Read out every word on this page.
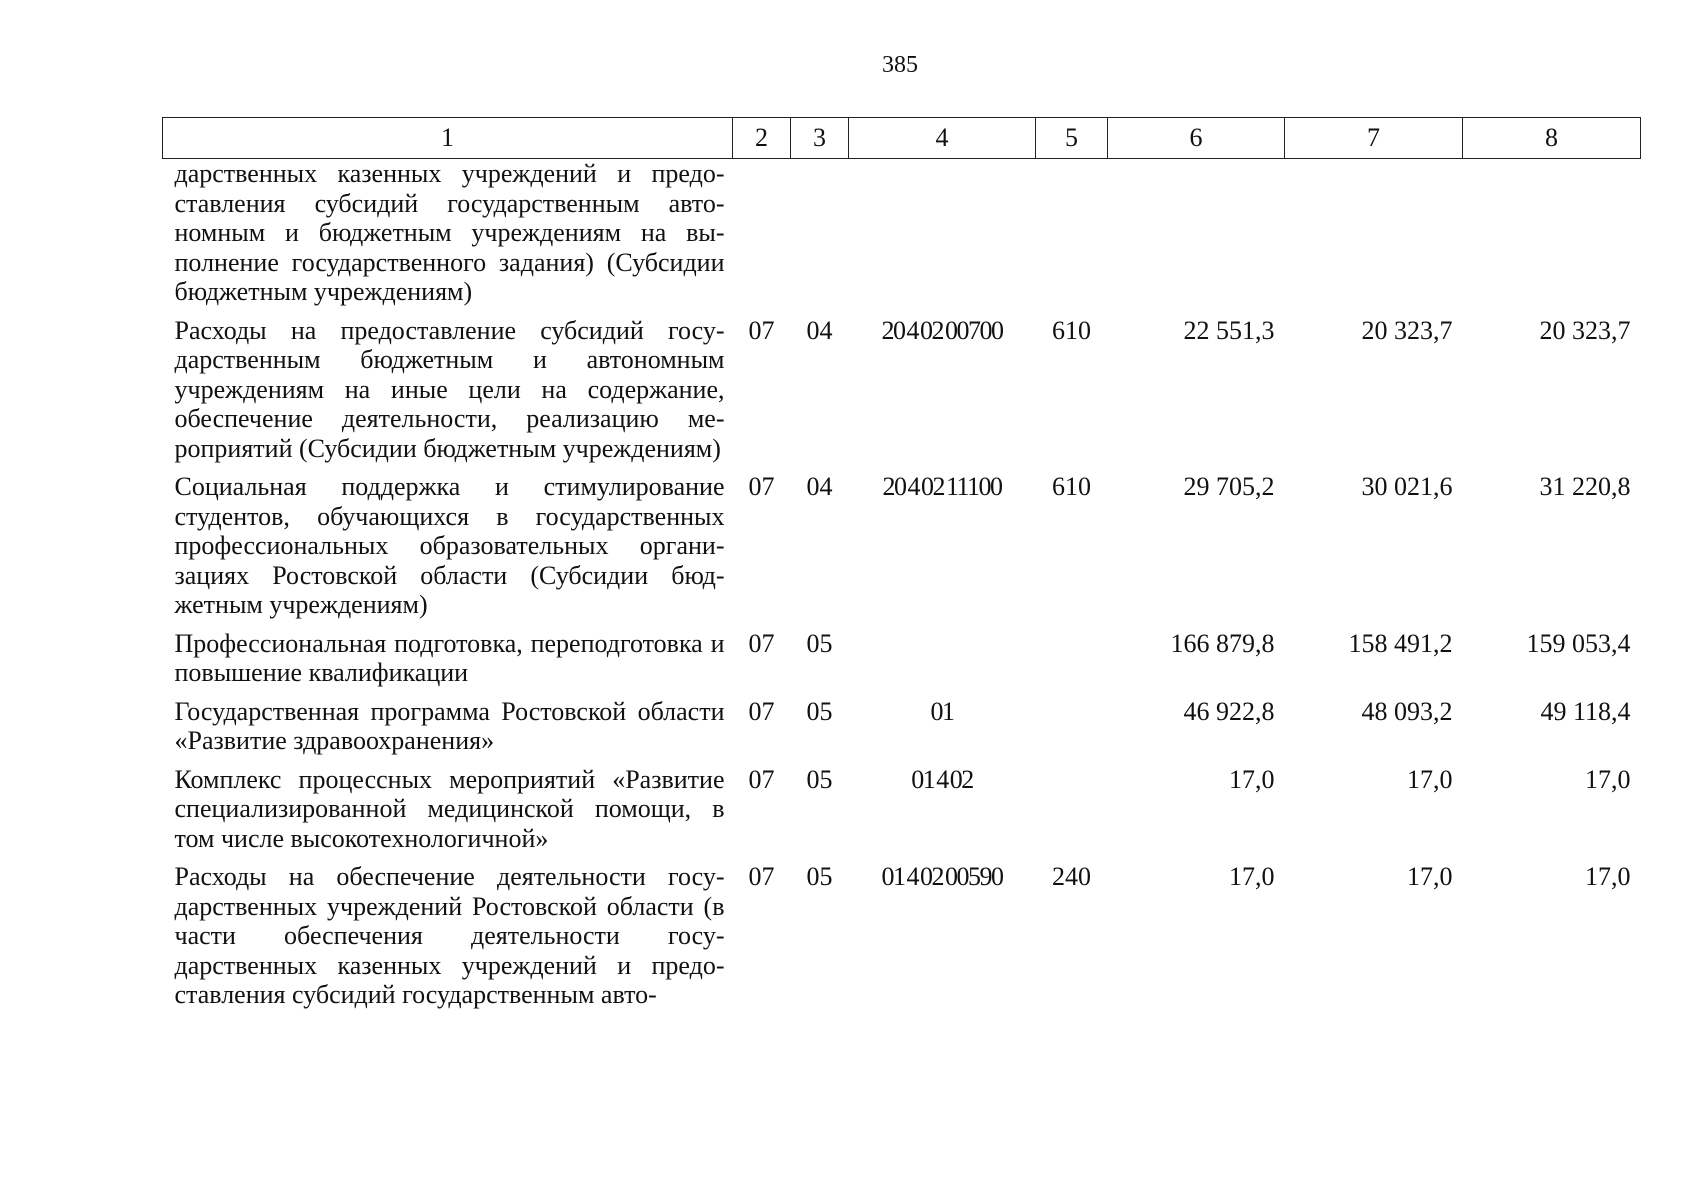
385
1	2	3	4	5	6	7	8
дарственных казенных учреждений и предоставления субсидий государственным автономным и бюджетным учреждениям на выполнение государственного задания) (Субсидии бюджетным учреждениям)							
Расходы на предоставление субсидий государственным бюджетным и автономным учреждениям на иные цели на содержание, обеспечение деятельности, реализацию мероприятий (Субсидии бюджетным учреждениям)	07	04	20 4 02 00700	610	22 551,3	20 323,7	20 323,7
Социальная поддержка и стимулирование студентов, обучающихся в государственных профессиональных образовательных организациях Ростовской области (Субсидии бюджетным учреждениям)	07	04	20 4 02 11100	610	29 705,2	30 021,6	31 220,8
Профессиональная подготовка, переподготовка и повышение квалификации	07	05			166 879,8	158 491,2	159 053,4
Государственная программа Ростовской области «Развитие здравоохранения»	07	05	01		46 922,8	48 093,2	49 118,4
Комплекс процессных мероприятий «Развитие специализированной медицинской помощи, в том числе высокотехнологичной»	07	05	01 4 02		17,0	17,0	17,0
Расходы на обеспечение деятельности государственных учреждений Ростовской области (в части обеспечения деятельности государственных казенных учреждений и предоставления субсидий государственным авто-	07	05	01 4 02 00590	240	17,0	17,0	17,0
